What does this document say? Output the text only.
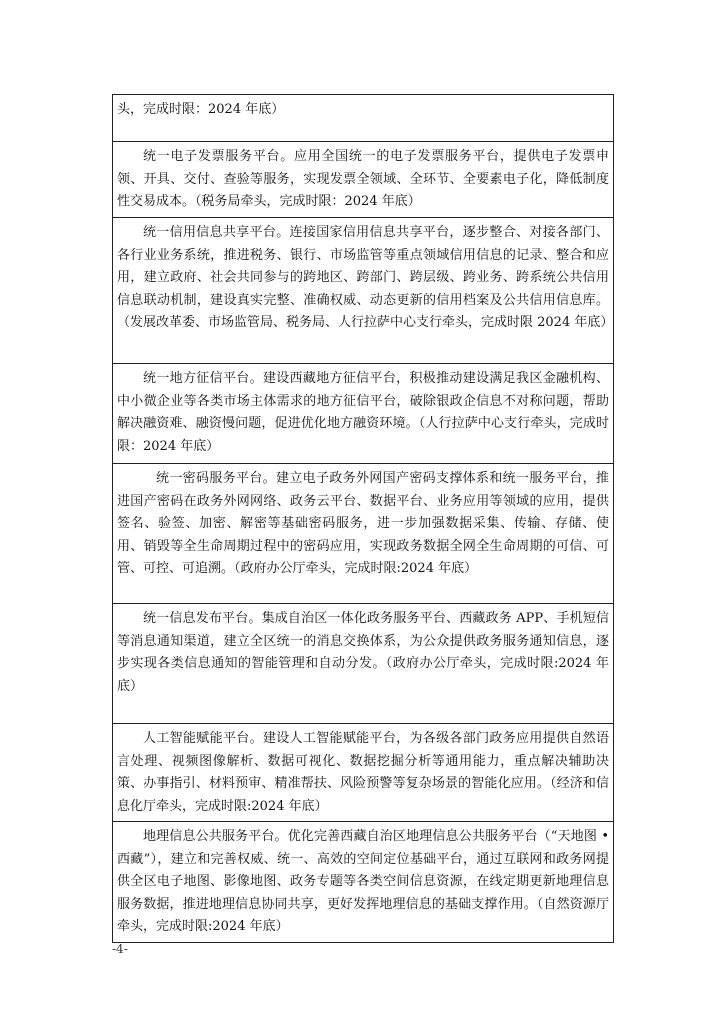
头，完成时限：2024 年底）

统一电子发票服务平台。应用全国统一的电子发票服务平台，提供电子发票申领、开具、交付、查验等服务，实现发票全领域、全环节、全要素电子化，降低制度性交易成本。（税务局牵头，完成时限：2024 年底）

统一信用信息共享平台。连接国家信用信息共享平台，逐步整合、对接各部门、各行业业务系统，推进税务、银行、市场监管等重点领域信用信息的记录、整合和应用，建立政府、社会共同参与的跨地区、跨部门、跨层级、跨业务、跨系统公共信用信息联动机制，建设真实完整、准确权威、动态更新的信用档案及公共信用信息库。（发展改革委、市场监管局、税务局、人行拉萨中心支行牵头，完成时限 2024 年底）

统一地方征信平台。建设西藏地方征信平台，积极推动建设满足我区金融机构、中小微企业等各类市场主体需求的地方征信平台，破除银政企信息不对称问题，帮助解决融资难、融资慢问题，促进优化地方融资环境。（人行拉萨中心支行牵头，完成时限：2024 年底）

统一密码服务平台。建立电子政务外网国产密码支撑体系和统一服务平台，推进国产密码在政务外网网络、政务云平台、数据平台、业务应用等领域的应用，提供签名、验签、加密、解密等基础密码服务，进一步加强数据采集、传输、存储、使用、销毁等全生命周期过程中的密码应用，实现政务数据全网全生命周期的可信、可管、可控、可追溯。（政府办公厅牵头，完成时限:2024 年底）

统一信息发布平台。集成自治区一体化政务服务平台、西藏政务 APP、手机短信等消息通知渠道，建立全区统一的消息交换体系，为公众提供政务服务通知信息，逐步实现各类信息通知的智能管理和自动分发。（政府办公厅牵头，完成时限:2024 年底）

人工智能赋能平台。建设人工智能赋能平台，为各级各部门政务应用提供自然语言处理、视频图像解析、数据可视化、数据挖掘分析等通用能力，重点解决辅助决策、办事指引、材料预审、精准帮扶、风险预警等复杂场景的智能化应用。（经济和信息化厅牵头，完成时限:2024 年底）

地理信息公共服务平台。优化完善西藏自治区地理信息公共服务平台（“天地图 • 西藏”），建立和完善权威、统一、高效的空间定位基础平台，通过互联网和政务网提供全区电子地图、影像地图、政务专题等各类空间信息资源，在线定期更新地理信息服务数据，推进地理信息协同共享，更好发挥地理信息的基础支撑作用。（自然资源厅牵头，完成时限:2024 年底）

-4-
